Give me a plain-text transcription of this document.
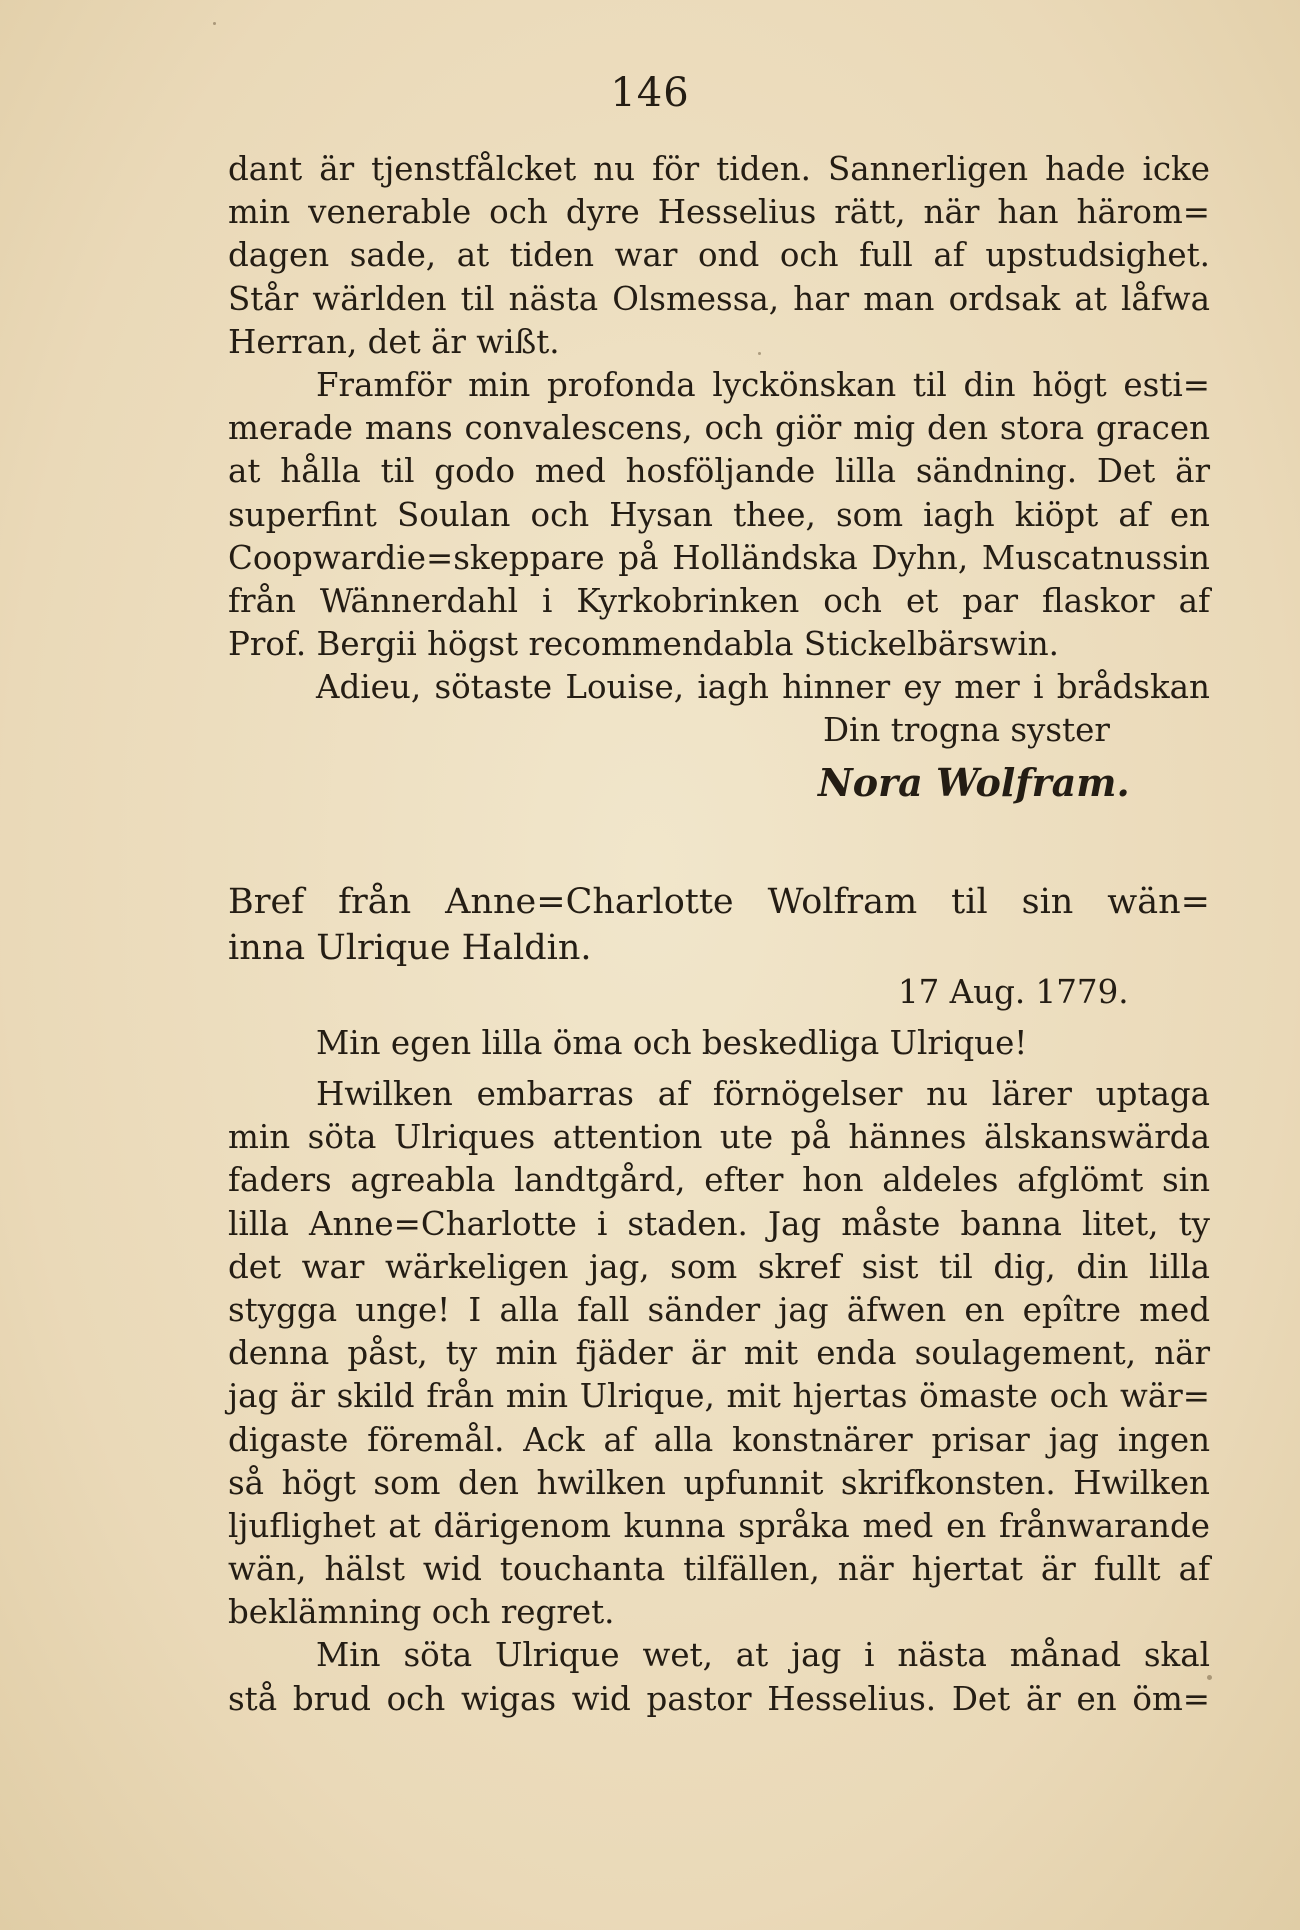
146
dant är tjenstfålcket nu för tiden. Sannerligen hade icke
min venerable och dyre Hesselius rätt, när han härom=
dagen sade, at tiden war ond och full af upstudsighet.
Står wärlden til nästa Olsmessa, har man ordsak at låfwa
Herran, det är wißt.
Framför min profonda lyckönskan til din högt esti=
merade mans convalescens, och giör mig den stora gracen
at hålla til godo med hosföljande lilla sändning. Det är
superfint Soulan och Hysan thee, som iagh kiöpt af en
Coopwardie=skeppare på Holländska Dyhn, Muscatnussin
från Wännerdahl i Kyrkobrinken och et par flaskor af
Prof. Bergii högst recommendabla Stickelbärswin.
Adieu, sötaste Louise, iagh hinner ey mer i brådskan
Din trogna syster
Nora Wolfram.
Bref från Anne=Charlotte Wolfram til sin wän=
inna Ulrique Haldin.
17 Aug. 1779.
Min egen lilla öma och beskedliga Ulrique!
Hwilken embarras af förnögelser nu lärer uptaga
min söta Ulriques attention ute på hännes älskanswärda
faders agreabla landtgård, efter hon aldeles afglömt sin
lilla Anne=Charlotte i staden. Jag måste banna litet, ty
det war wärkeligen jag, som skref sist til dig, din lilla
stygga unge! I alla fall sänder jag äfwen en epître med
denna påst, ty min fjäder är mit enda soulagement, när
jag är skild från min Ulrique, mit hjertas ömaste och wär=
digaste föremål. Ack af alla konstnärer prisar jag ingen
så högt som den hwilken upfunnit skrifkonsten. Hwilken
ljuflighet at därigenom kunna språka med en frånwarande
wän, hälst wid touchanta tilfällen, när hjertat är fullt af
beklämning och regret.
Min söta Ulrique wet, at jag i nästa månad skal
stå brud och wigas wid pastor Hesselius. Det är en öm=
